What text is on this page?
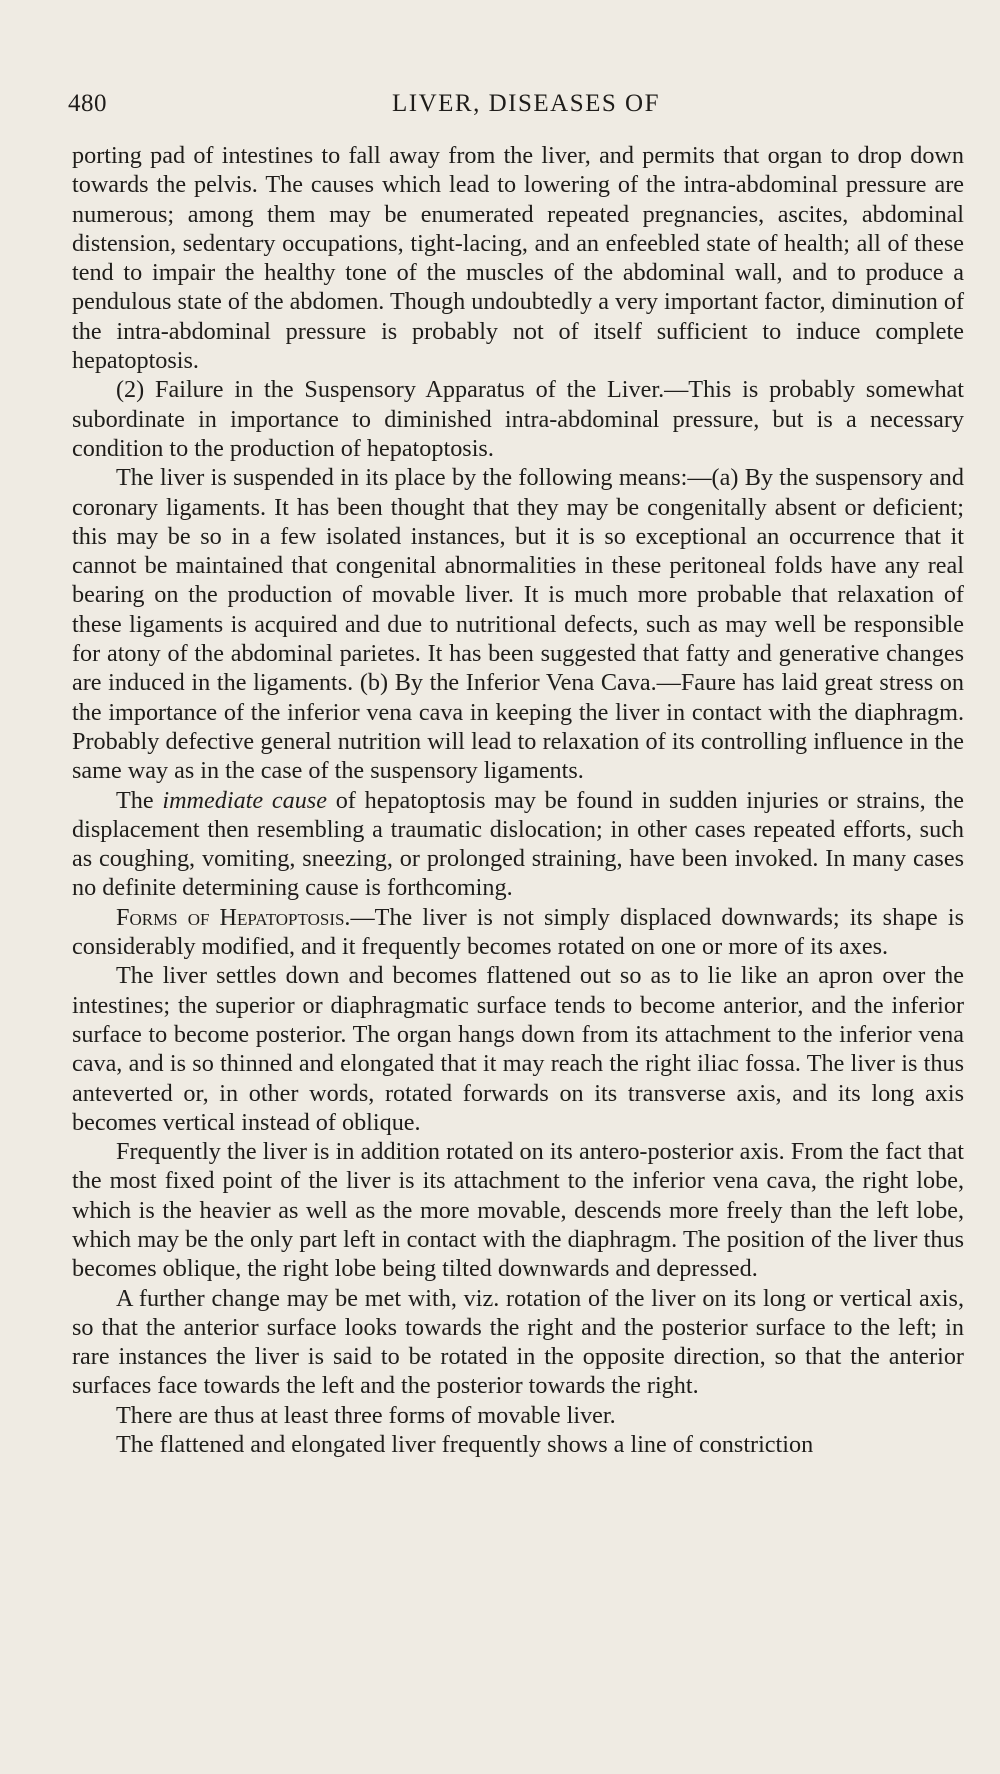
480	LIVER, DISEASES OF

porting pad of intestines to fall away from the liver, and permits that organ to drop down towards the pelvis. The causes which lead to lowering of the intra-abdominal pressure are numerous; among them may be enumerated repeated pregnancies, ascites, abdominal distension, sedentary occupations, tight-lacing, and an enfeebled state of health; all of these tend to impair the healthy tone of the muscles of the abdominal wall, and to produce a pendulous state of the abdomen. Though undoubtedly a very important factor, diminution of the intra-abdominal pressure is probably not of itself sufficient to induce complete hepatoptosis.

(2) Failure in the Suspensory Apparatus of the Liver.—This is probably somewhat subordinate in importance to diminished intra-abdominal pressure, but is a necessary condition to the production of hepatoptosis.

The liver is suspended in its place by the following means:—(a) By the suspensory and coronary ligaments. It has been thought that they may be congenitally absent or deficient; this may be so in a few isolated instances, but it is so exceptional an occurrence that it cannot be maintained that congenital abnormalities in these peritoneal folds have any real bearing on the production of movable liver. It is much more probable that relaxation of these ligaments is acquired and due to nutritional defects, such as may well be responsible for atony of the abdominal parietes. It has been suggested that fatty and generative changes are induced in the ligaments. (b) By the Inferior Vena Cava.—Faure has laid great stress on the importance of the inferior vena cava in keeping the liver in contact with the diaphragm. Probably defective general nutrition will lead to relaxation of its controlling influence in the same way as in the case of the suspensory ligaments.

The immediate cause of hepatoptosis may be found in sudden injuries or strains, the displacement then resembling a traumatic dislocation; in other cases repeated efforts, such as coughing, vomiting, sneezing, or prolonged straining, have been invoked. In many cases no definite determining cause is forthcoming.

Forms of Hepatoptosis.—The liver is not simply displaced downwards; its shape is considerably modified, and it frequently becomes rotated on one or more of its axes.

The liver settles down and becomes flattened out so as to lie like an apron over the intestines; the superior or diaphragmatic surface tends to become anterior, and the inferior surface to become posterior. The organ hangs down from its attachment to the inferior vena cava, and is so thinned and elongated that it may reach the right iliac fossa. The liver is thus anteverted or, in other words, rotated forwards on its transverse axis, and its long axis becomes vertical instead of oblique.

Frequently the liver is in addition rotated on its antero-posterior axis. From the fact that the most fixed point of the liver is its attachment to the inferior vena cava, the right lobe, which is the heavier as well as the more movable, descends more freely than the left lobe, which may be the only part left in contact with the diaphragm. The position of the liver thus becomes oblique, the right lobe being tilted downwards and depressed.

A further change may be met with, viz. rotation of the liver on its long or vertical axis, so that the anterior surface looks towards the right and the posterior surface to the left; in rare instances the liver is said to be rotated in the opposite direction, so that the anterior surfaces face towards the left and the posterior towards the right.

There are thus at least three forms of movable liver.

The flattened and elongated liver frequently shows a line of constriction
